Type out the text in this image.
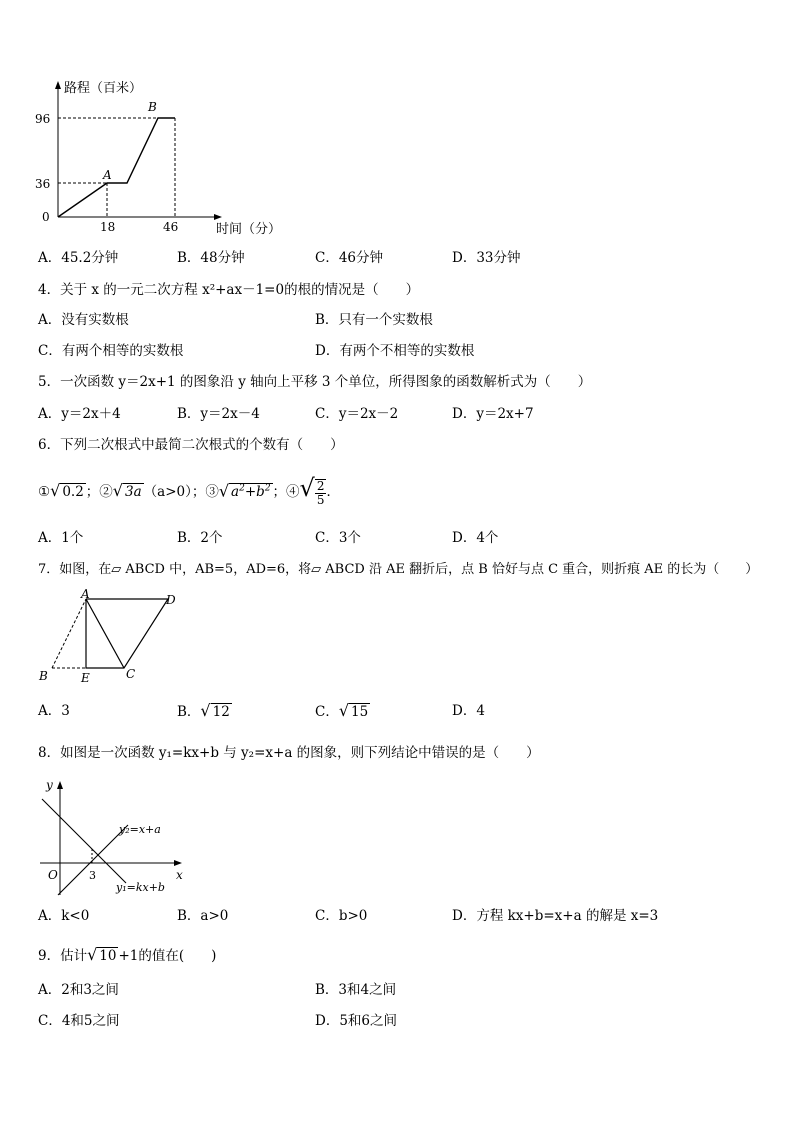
路程（百米）
时间（分）
96
36
0
18	46
A
B
A．45.2分钟	B．48分钟	C．46分钟	D．33分钟
4．关于 x 的一元二次方程 x²+ax－1=0的根的情况是（　　）
A．没有实数根	B．只有一个实数根
C．有两个相等的实数根	D．有两个不相等的实数根
5．一次函数 y＝2x+1 的图象沿 y 轴向上平移 3 个单位，所得图象的函数解析式为（　　）
A．y＝2x＋4	B．y＝2x－4	C．y＝2x－2	D．y＝2x+7
6．下列二次根式中最简二次根式的个数有（　　）
①√ 0.2 ；②√ 3a （a>0）；③√ $a^2+b^2$ ；④√ $\frac{2}{5}$ ．
A．1个	B．2个	C．3个	D．4个
7．如图，在▱ ABCD 中，AB=5，AD=6，将▱ ABCD 沿 AE 翻折后，点 B 恰好与点 C 重合，则折痕 AE 的长为（　　）
A	D
B	E	C
A．3	B．√ 12	C．√ 15	D．4
8．如图是一次函数 y₁=kx+b 与 y₂=x+a 的图象，则下列结论中错误的是（　　）
y
x
O	3
y₂=x+a
y₁=kx+b
A．k<0	B．a>0	C．b>0	D．方程 kx+b=x+a 的解是 x=3
9．估计√ 10 +1的值在(　　)
A．2和3之间	B．3和4之间
C．4和5之间	D．5和6之间
